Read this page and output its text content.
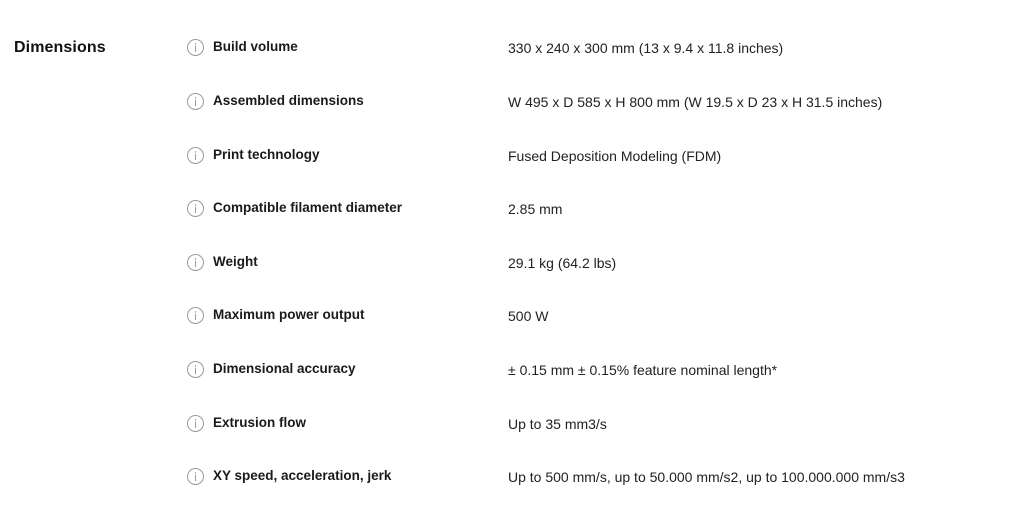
Dimensions	Build volume	330 x 240 x 300 mm (13 x 9.4 x 11.8 inches)
Assembled dimensions	W 495 x D 585 x H 800 mm (W 19.5 x D 23 x H 31.5 inches)
Print technology	Fused Deposition Modeling (FDM)
Compatible filament diameter	2.85 mm
Weight	29.1 kg (64.2 lbs)
Maximum power output	500 W
Dimensional accuracy	± 0.15 mm ± 0.15% feature nominal length*
Extrusion flow	Up to 35 mm3/s
XY speed, acceleration, jerk	Up to 500 mm/s, up to 50.000 mm/s2, up to 100.000.000 mm/s3
